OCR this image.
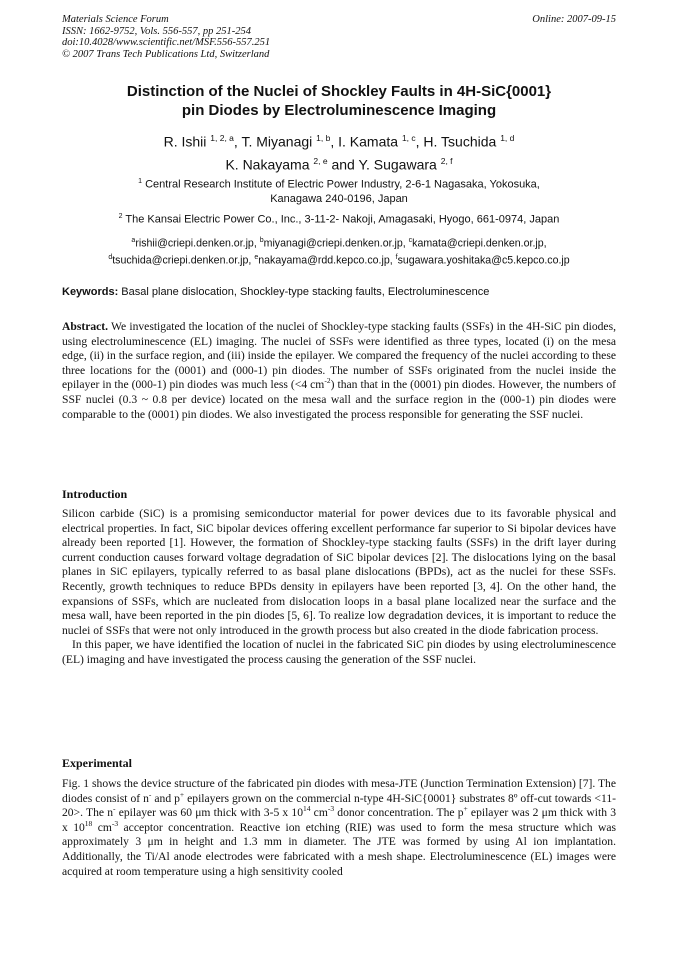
Materials Science Forum
ISSN: 1662-9752, Vols. 556-557, pp 251-254
doi:10.4028/www.scientific.net/MSF.556-557.251
© 2007 Trans Tech Publications Ltd, Switzerland
Online: 2007-09-15
Distinction of the Nuclei of Shockley Faults in 4H-SiC{0001}
pin Diodes by Electroluminescence Imaging
R. Ishii $^{1, 2, a}$, T. Miyanagi $^{1, b}$, I. Kamata $^{1, c}$, H. Tsuchida $^{1, d}$
K. Nakayama $^{2, e}$ and Y. Sugawara $^{2, f}$
$^1$ Central Research Institute of Electric Power Industry, 2-6-1 Nagasaka, Yokosuka,
Kanagawa 240-0196, Japan
$^2$ The Kansai Electric Power Co., Inc., 3-11-2- Nakoji, Amagasaki, Hyogo, 661-0974, Japan
$^a$rishii@criepi.denken.or.jp, $^b$miyanagi@criepi.denken.or.jp, $^c$kamata@criepi.denken.or.jp,
$^d$tsuchida@criepi.denken.or.jp, $^e$nakayama@rdd.kepco.co.jp, $^f$sugawara.yoshitaka@c5.kepco.co.jp
Keywords: Basal plane dislocation, Shockley-type stacking faults, Electroluminescence

Abstract. We investigated the location of the nuclei of Shockley-type stacking faults (SSFs) in the 4H-SiC pin diodes, using electroluminescence (EL) imaging. The nuclei of SSFs were identified as three types, located (i) on the mesa edge, (ii) in the surface region, and (iii) inside the epilayer. We compared the frequency of the nuclei according to these three locations for the (0001) and (000-1) pin diodes. The number of SSFs originated from the nuclei inside the epilayer in the (000-1) pin diodes was much less (<4 $cm^{-2}$) than that in the (0001) pin diodes. However, the numbers of SSF nuclei (0.3 ~ 0.8 per device) located on the mesa wall and the surface region in the (000-1) pin diodes were comparable to the (0001) pin diodes. We also investigated the process responsible for generating the SSF nuclei.

Introduction

Silicon carbide (SiC) is a promising semiconductor material for power devices due to its favorable physical and electrical properties. In fact, SiC bipolar devices offering excellent performance far superior to Si bipolar devices have already been reported [1]. However, the formation of Shockley-type stacking faults (SSFs) in the drift layer during current conduction causes forward voltage degradation of SiC bipolar devices [2]. The dislocations lying on the basal planes in SiC epilayers, typically referred to as basal plane dislocations (BPDs), act as the nuclei for these SSFs. Recently, growth techniques to reduce BPDs density in epilayers have been reported [3, 4]. On the other hand, the expansions of SSFs, which are nucleated from dislocation loops in a basal plane localized near the surface and the mesa wall, have been reported in the pin diodes [5, 6]. To realize low degradation devices, it is important to reduce the nuclei of SSFs that were not only introduced in the growth process but also created in the diode fabrication process.

In this paper, we have identified the location of nuclei in the fabricated SiC pin diodes by using electroluminescence (EL) imaging and have investigated the process causing the generation of the SSF nuclei.

Experimental

Fig. 1 shows the device structure of the fabricated pin diodes with mesa-JTE (Junction Termination Extension) [7]. The diodes consist of n- and p+ epilayers grown on the commercial n-type 4H-SiC{0001} substrates 8º off-cut towards <11-20>. The n- epilayer was 60 μm thick with 3-5 x $10^{14}$ $cm^{-3}$ donor concentration. The p+ epilayer was 2 μm thick with 3 x $10^{18}$ $cm^{-3}$ acceptor concentration. Reactive ion etching (RIE) was used to form the mesa structure which was approximately 3 μm in height and 1.3 mm in diameter. The JTE was formed by using Al ion implantation. Additionally, the Ti/Al anode electrodes were fabricated with a mesh shape. Electroluminescence (EL) images were acquired at room temperature using a high sensitivity cooled
